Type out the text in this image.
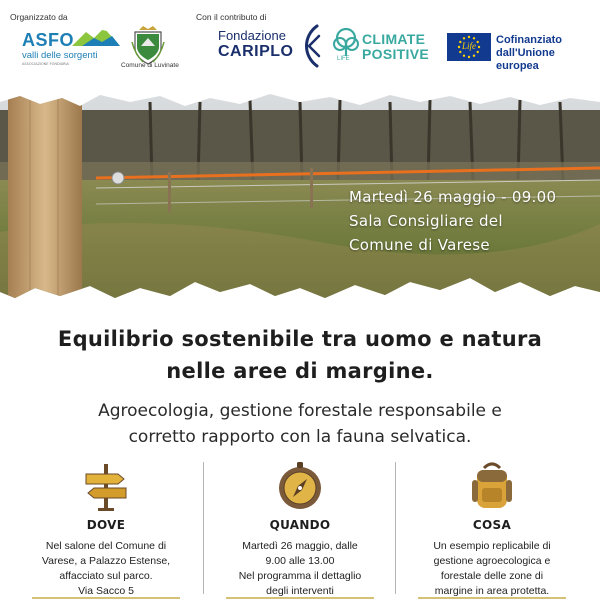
Organizzato da	Con il contributo di
ASFO
valli delle sorgenti
ASSOCIAZIONE FONDIARIA	Comune di Luvinate
Fondazione
CARIPLO	LIFE
CLIMATE
POSITIVE	Life	Cofinanziato
dall'Unione europea
Martedì 26 maggio - 09.00
Sala Consigliare del
Comune di Varese
Equilibrio sostenibile tra uomo e natura
nelle aree di margine.
Agroecologia, gestione forestale responsabile e
corretto rapporto con la fauna selvatica.
DOVE
Nel salone del Comune di
Varese, a Palazzo Estense,
affacciato sul parco.
Via Sacco 5
QUANDO
Martedì 26 maggio, dalle
9.00 alle 13.00
Nel programma il dettaglio
degli interventi
COSA
Un esempio replicabile di
gestione agroecologica e
forestale delle zone di
margine in area protetta.
